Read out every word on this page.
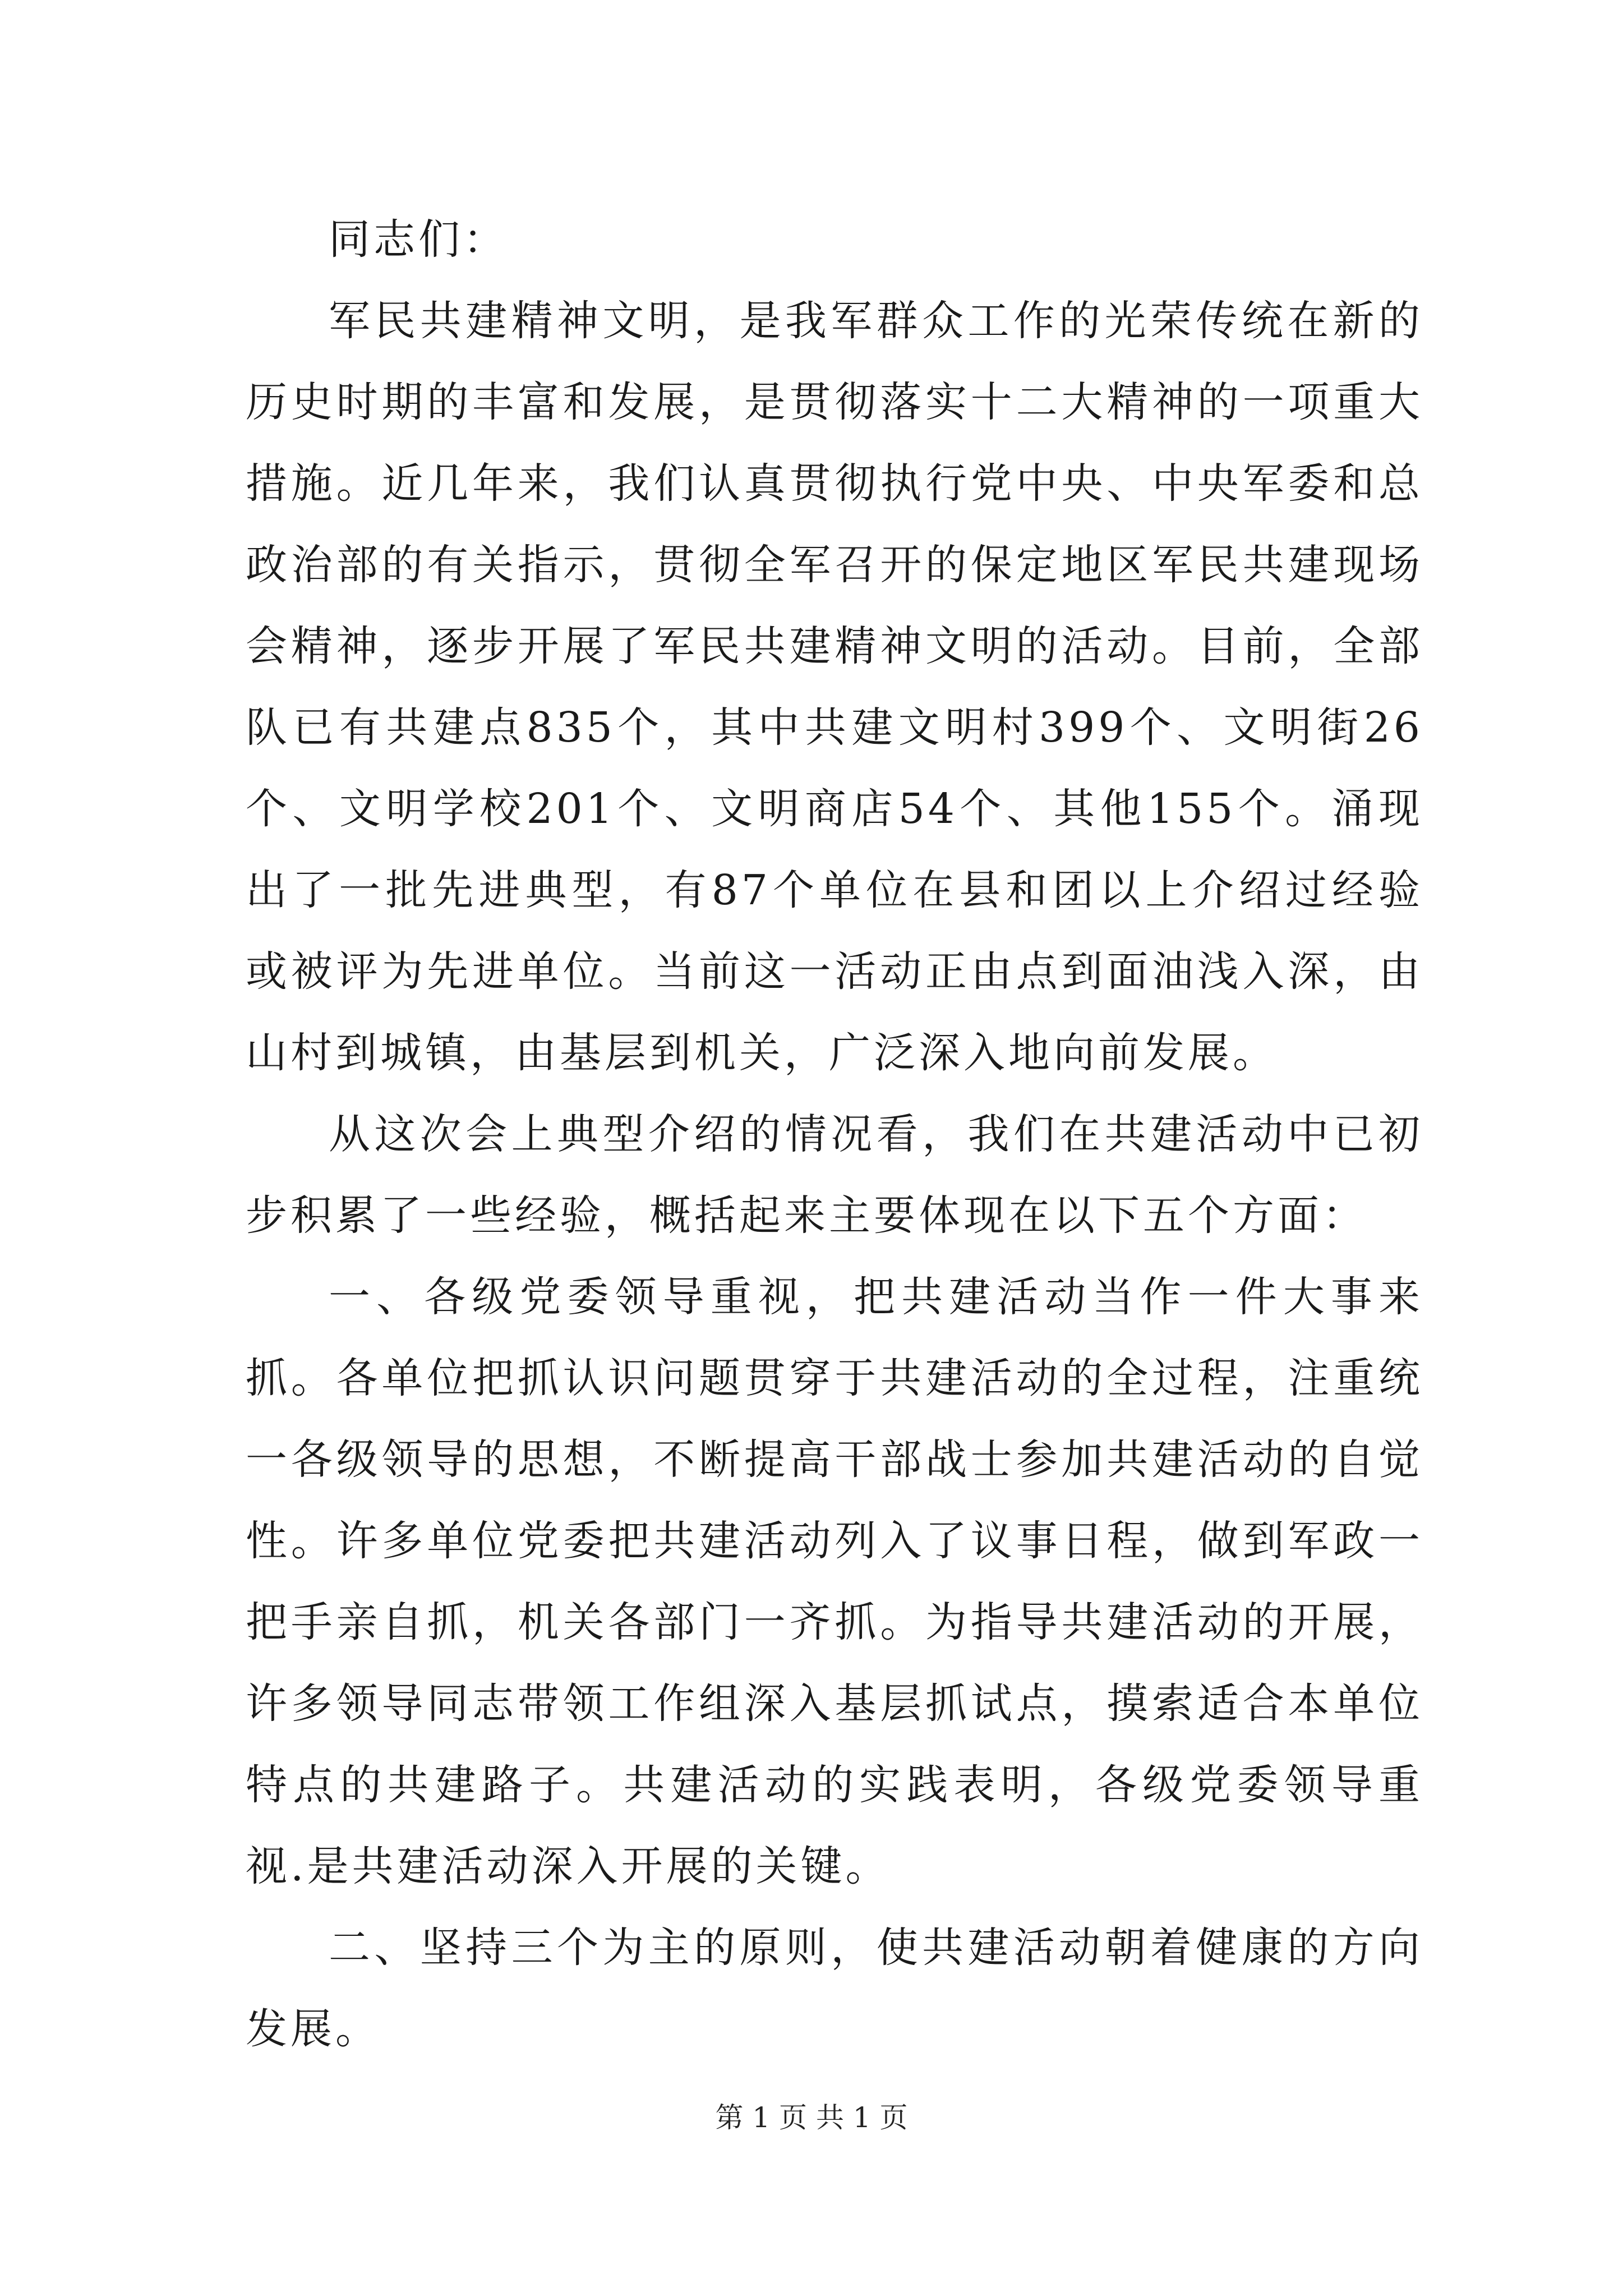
同志们：

军民共建精神文明，是我军群众工作的光荣传统在新的历史时期的丰富和发展，是贯彻落实十二大精神的一项重大措施。近几年来，我们认真贯彻执行党中央、中央军委和总政治部的有关指示，贯彻全军召开的保定地区军民共建现场会精神，逐步开展了军民共建精神文明的活动。目前，全部队已有共建点835个，其中共建文明村399个、文明街26个、文明学校201个、文明商店54个、其他155个。涌现出了一批先进典型，有87个单位在县和团以上介绍过经验或被评为先进单位。当前这一活动正由点到面油浅入深，由山村到城镇，由基层到机关，广泛深入地向前发展。

从这次会上典型介绍的情况看，我们在共建活动中已初步积累了一些经验，概括起来主要体现在以下五个方面：

一、各级党委领导重视，把共建活动当作一件大事来抓。各单位把抓认识问题贯穿于共建活动的全过程，注重统一各级领导的思想，不断提高干部战士参加共建活动的自觉性。许多单位党委把共建活动列入了议事日程，做到军政一把手亲自抓，机关各部门一齐抓。为指导共建活动的开展，许多领导同志带领工作组深入基层抓试点，摸索适合本单位特点的共建路子。共建活动的实践表明，各级党委领导重视.是共建活动深入开展的关键。

二、坚持三个为主的原则，使共建活动朝着健康的方向发展。

第 1 页 共 1 页
